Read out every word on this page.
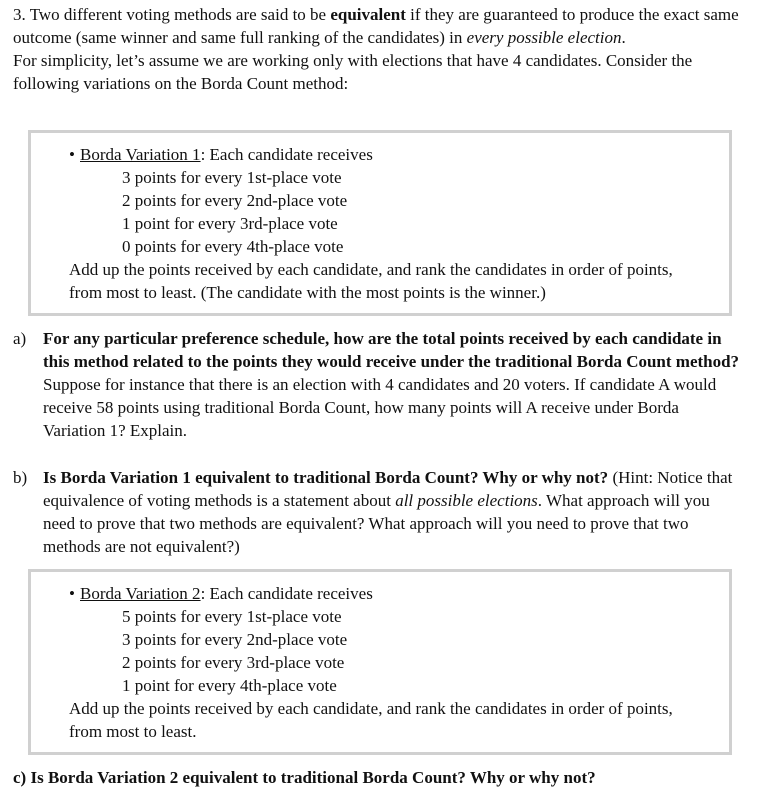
3. Two different voting methods are said to be equivalent if they are guaranteed to produce the exact same outcome (same winner and same full ranking of the candidates) in every possible election.

For simplicity, let’s assume we are working only with elections that have 4 candidates. Consider the following variations on the Borda Count method:

• Borda Variation 1: Each candidate receives
3 points for every 1st-place vote
2 points for every 2nd-place vote
1 point for every 3rd-place vote
0 points for every 4th-place vote
Add up the points received by each candidate, and rank the candidates in order of points,
from most to least. (The candidate with the most points is the winner.)
a) For any particular preference schedule, how are the total points received by each candidate in this method related to the points they would receive under the traditional Borda Count method? Suppose for instance that there is an election with 4 candidates and 20 voters. If candidate A would receive 58 points using traditional Borda Count, how many points will A receive under Borda Variation 1? Explain.
b) Is Borda Variation 1 equivalent to traditional Borda Count? Why or why not? (Hint: Notice that equivalence of voting methods is a statement about all possible elections. What approach will you need to prove that two methods are equivalent? What approach will you need to prove that two methods are not equivalent?)
• Borda Variation 2: Each candidate receives
5 points for every 1st-place vote
3 points for every 2nd-place vote
2 points for every 3rd-place vote
1 point for every 4th-place vote
Add up the points received by each candidate, and rank the candidates in order of points,
from most to least.
c) Is Borda Variation 2 equivalent to traditional Borda Count? Why or why not?
